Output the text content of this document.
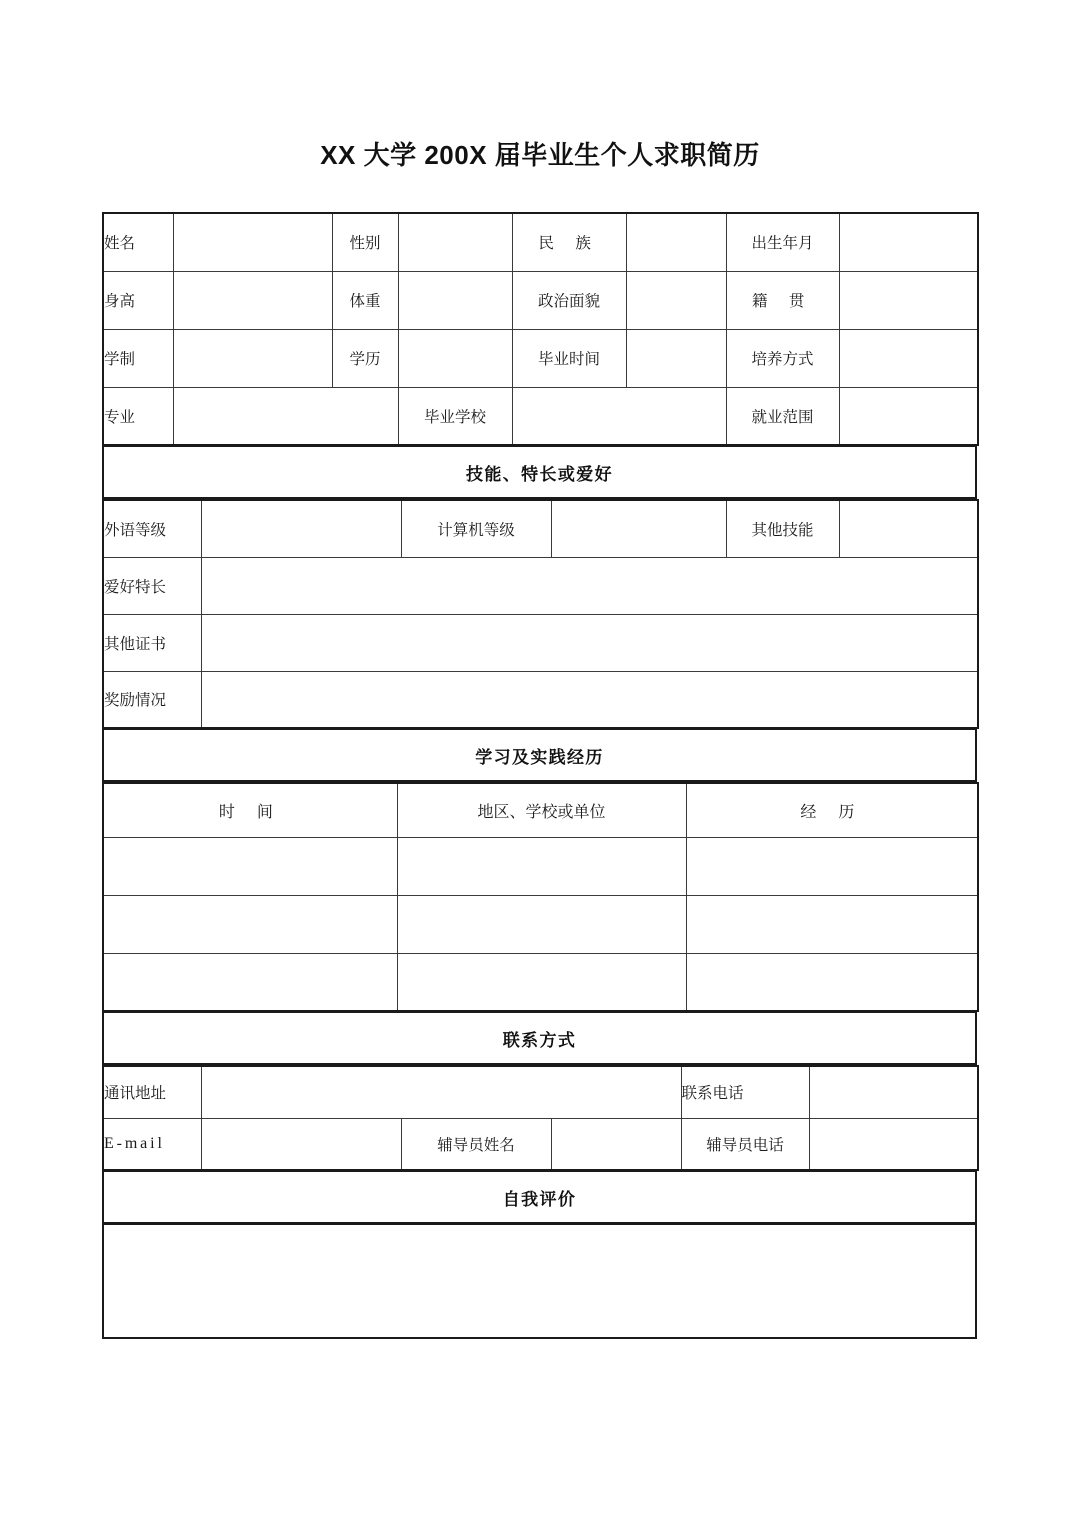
XX 大学 200X 届毕业生个人求职简历
姓名		性别		民 族		出生年月	
身高		体重		政治面貌		籍 贯	
学制		学历		毕业时间		培养方式	
专业			毕业学校			就业范围	
技能、特长或爱好
外语等级		计算机等级		其他技能	
爱好特长					
其他证书					
奖励情况					
学习及实践经历
时 间	地区、学校或单位	经 历

联系方式
通讯地址				联系电话	
E-mail		辅导员姓名		辅导员电话	
自我评价
